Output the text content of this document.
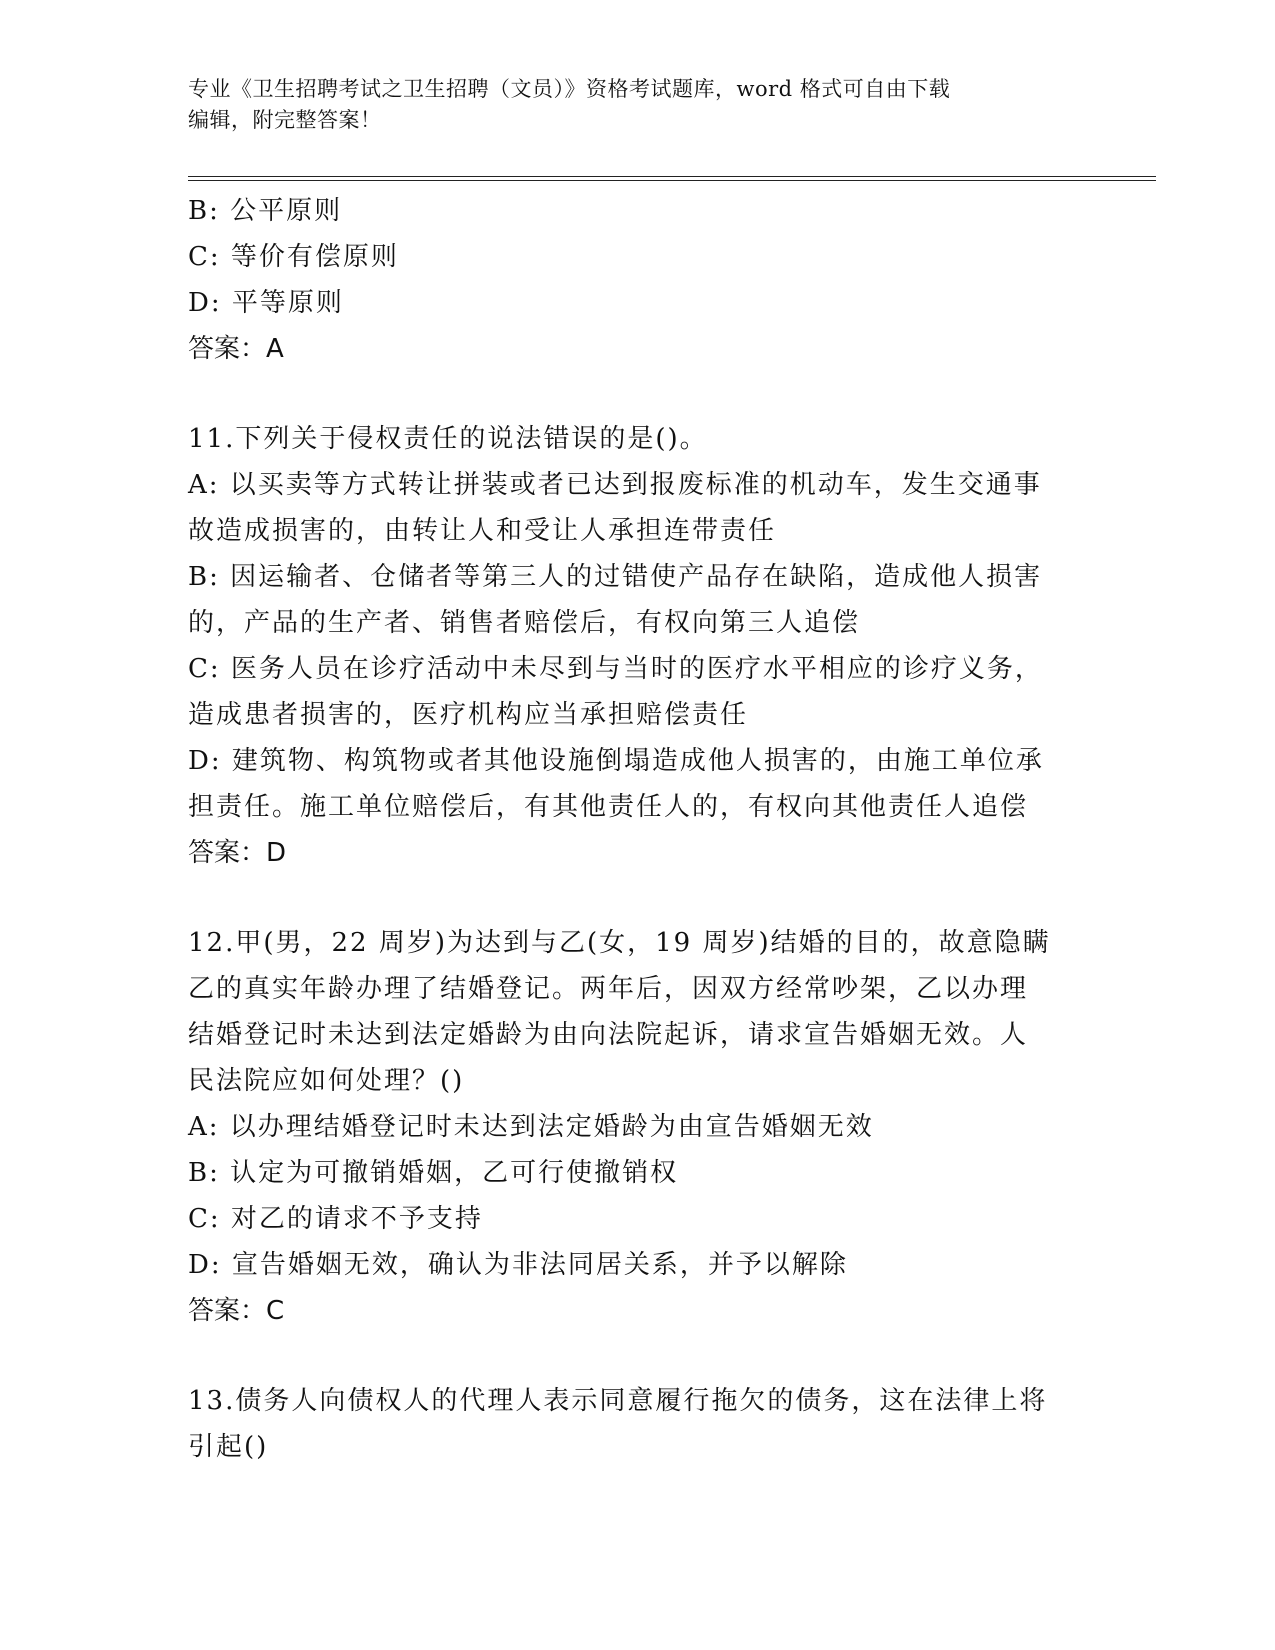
专业《卫生招聘考试之卫生招聘（文员）》资格考试题库，word 格式可自由下载
编辑，附完整答案！
B: 公平原则
C: 等价有偿原则
D: 平等原则
答案：A
11.下列关于侵权责任的说法错误的是()。
A: 以买卖等方式转让拼装或者已达到报废标准的机动车，发生交通事
故造成损害的，由转让人和受让人承担连带责任
B: 因运输者、仓储者等第三人的过错使产品存在缺陷，造成他人损害
的，产品的生产者、销售者赔偿后，有权向第三人追偿
C: 医务人员在诊疗活动中未尽到与当时的医疗水平相应的诊疗义务，
造成患者损害的，医疗机构应当承担赔偿责任
D: 建筑物、构筑物或者其他设施倒塌造成他人损害的，由施工单位承
担责任。施工单位赔偿后，有其他责任人的，有权向其他责任人追偿
答案：D
12.甲(男，22 周岁)为达到与乙(女，19 周岁)结婚的目的，故意隐瞒
乙的真实年龄办理了结婚登记。两年后，因双方经常吵架，乙以办理
结婚登记时未达到法定婚龄为由向法院起诉，请求宣告婚姻无效。人
民法院应如何处理？()
A: 以办理结婚登记时未达到法定婚龄为由宣告婚姻无效
B: 认定为可撤销婚姻，乙可行使撤销权
C: 对乙的请求不予支持
D: 宣告婚姻无效，确认为非法同居关系，并予以解除
答案：C
13.债务人向债权人的代理人表示同意履行拖欠的债务，这在法律上将
引起()
